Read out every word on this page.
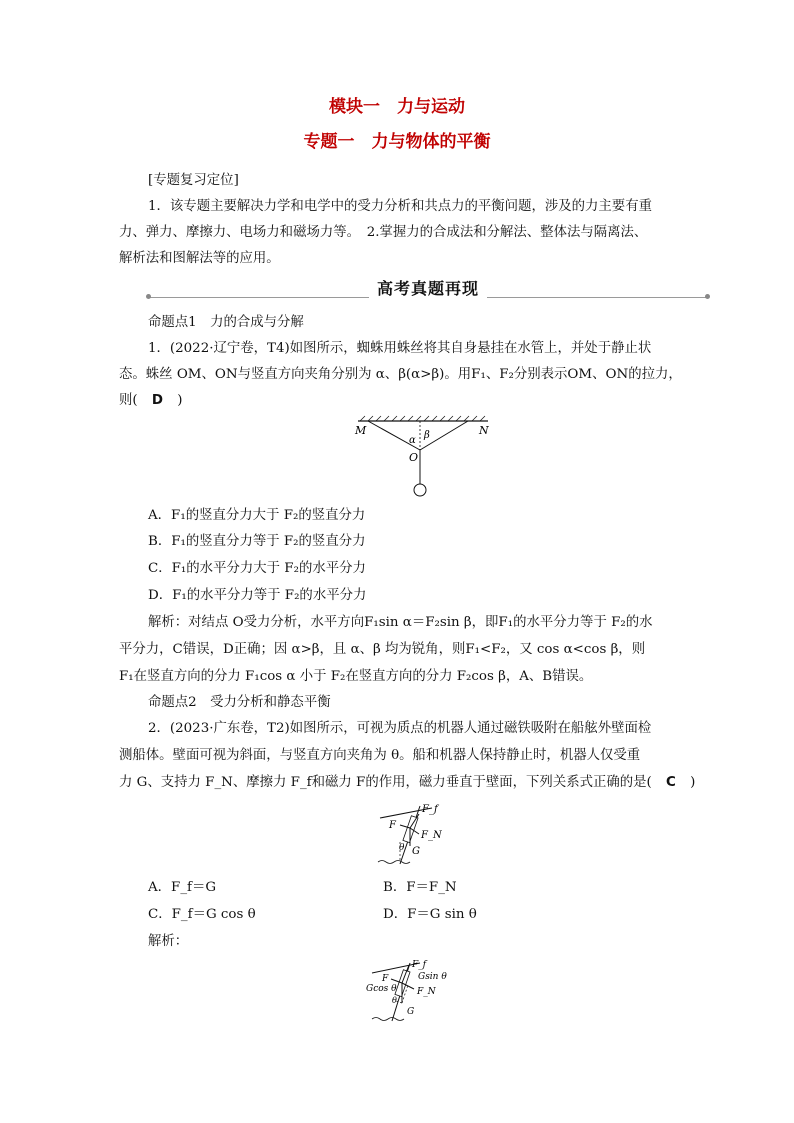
模块一　力与运动
专题一　力与物体的平衡
[专题复习定位]
1．该专题主要解决力学和电学中的受力分析和共点力的平衡问题，涉及的力主要有重
力、弹力、摩擦力、电场力和磁场力等。　2.掌握力的合成法和分解法、整体法与隔离法、
解析法和图解法等的应用。
高考真题再现
命题点1　力的合成与分解
1．(2022·辽宁卷，T4)如图所示，蜘蛛用蛛丝将其自身悬挂在水管上，并处于静止状
态。蛛丝 OM、ON与竖直方向夹角分别为 α、β(α>β)。用F₁、F₂分别表示OM、ON的拉力，
则( D )
M	N
O
α β
A．F₁的竖直分力大于 F₂的竖直分力
B．F₁的竖直分力等于 F₂的竖直分力
C．F₁的水平分力大于 F₂的水平分力
D．F₁的水平分力等于 F₂的水平分力
解析：对结点 O受力分析，水平方向F₁sin α＝F₂sin β，即F₁的水平分力等于 F₂的水
平分力，C错误，D正确；因 α>β，且 α、β 均为锐角，则F₁<F₂，又 cos α<cos β，则
F₁在竖直方向的分力 F₁cos α 小于 F₂在竖直方向的分力 F₂cos β，A、B错误。
命题点2　受力分析和静态平衡
2．(2023·广东卷，T2)如图所示，可视为质点的机器人通过磁铁吸附在船舷外壁面检
测船体。壁面可视为斜面，与竖直方向夹角为 θ。船和机器人保持静止时，机器人仅受重
力 G、支持力 F_N、摩擦力 F_f和磁力 F的作用，磁力垂直于壁面，下列关系式正确的是( C )
F_f
F
F_N
θ G
A．F_f＝G	B．F＝F_N
C．F_f＝G cos θ	D．F＝G sin θ
解析：
F_f
Gsin θ
F
Gcos θ F_N
θ
G
